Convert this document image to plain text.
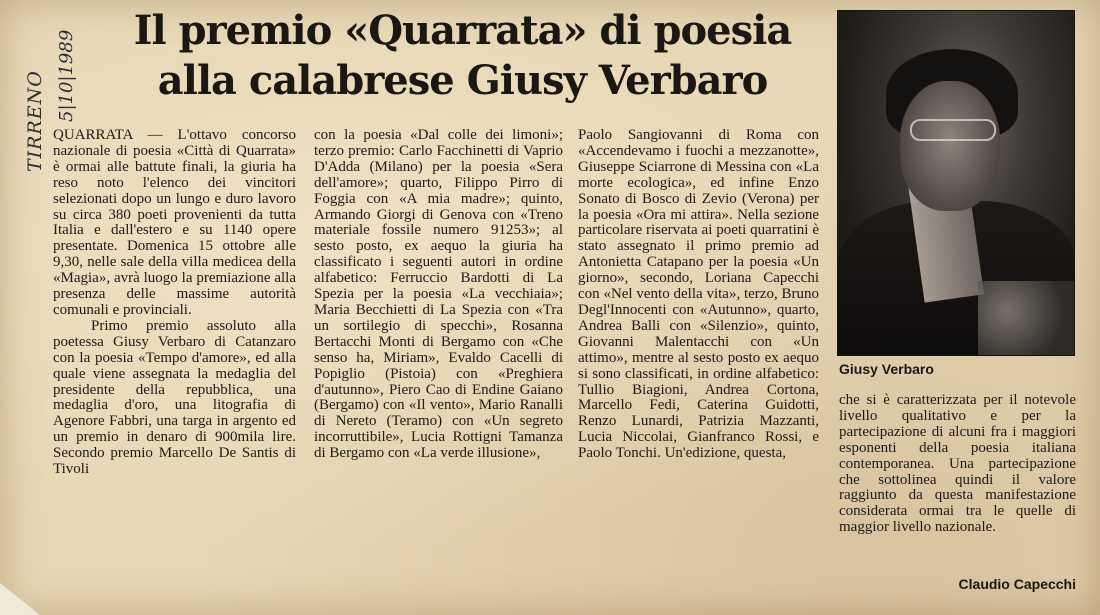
5|10|1989
TIRRENO
Il premio «Quarrata» di poesia
alla calabrese Giusy Verbaro
Giusy Verbaro

QUARRATA — L'ottavo concorso nazionale di poesia «Città di Quarrata» è ormai alle battute finali, la giuria ha reso noto l'elenco dei vincitori selezionati dopo un lungo e duro lavoro su circa 380 poeti provenienti da tutta Italia e dall'estero e su 1140 opere presentate. Domenica 15 ottobre alle 9,30, nelle sale della villa medicea della «Magia», avrà luogo la premiazione alla presenza delle massime autorità comunali e provinciali.

Primo premio assoluto alla poetessa Giusy Verbaro di Catanzaro con la poesia «Tempo d'amore», ed alla quale viene assegnata la medaglia del presidente della repubblica, una medaglia d'oro, una litografia di Agenore Fabbri, una targa in argento ed un premio in denaro di 900mila lire. Secondo premio Marcello De Santis di Tivoli

con la poesia «Dal colle dei limoni»; terzo premio: Carlo Facchinetti di Vaprio D'Adda (Milano) per la poesia «Sera dell'amore»; quarto, Filippo Pirro di Foggia con «A mia madre»; quinto, Armando Giorgi di Genova con «Treno materiale fossile numero 91253»; al sesto posto, ex aequo la giuria ha classificato i seguenti autori in ordine alfabetico: Ferruccio Bardotti di La Spezia per la poesia «La vecchiaia»; Maria Becchietti di La Spezia con «Tra un sortilegio di specchi», Rosanna Bertacchi Monti di Bergamo con «Che senso ha, Miriam», Evaldo Cacelli di Popiglio (Pistoia) con «Preghiera d'autunno», Piero Cao di Endine Gaiano (Bergamo) con «Il vento», Mario Ranalli di Nereto (Teramo) con «Un segreto incorruttibile», Lucia Rottigni Tamanza di Bergamo con «La verde illusione»,

Paolo Sangiovanni di Roma con «Accendevamo i fuochi a mezzanotte», Giuseppe Sciarrone di Messina con «La morte ecologica», ed infine Enzo Sonato di Bosco di Zevio (Verona) per la poesia «Ora mi attira». Nella sezione particolare riservata ai poeti quarratini è stato assegnato il primo premio ad Antonietta Catapano per la poesia «Un giorno», secondo, Loriana Capecchi con «Nel vento della vita», terzo, Bruno Degl'Innocenti con «Autunno», quarto, Andrea Balli con «Silenzio», quinto, Giovanni Malentacchi con «Un attimo», mentre al sesto posto ex aequo si sono classificati, in ordine alfabetico: Tullio Biagioni, Andrea Cortona, Marcello Fedi, Caterina Guidotti, Renzo Lunardi, Patrizia Mazzanti, Lucia Niccolai, Gianfranco Rossi, e Paolo Tonchi. Un'edizione, questa,

che si è caratterizzata per il notevole livello qualitativo e per la partecipazione di alcuni fra i maggiori esponenti della poesia italiana contemporanea. Una partecipazione che sottolinea quindi il valore raggiunto da questa manifestazione considerata ormai tra le quelle di maggior livello nazionale.

Claudio Capecchi
